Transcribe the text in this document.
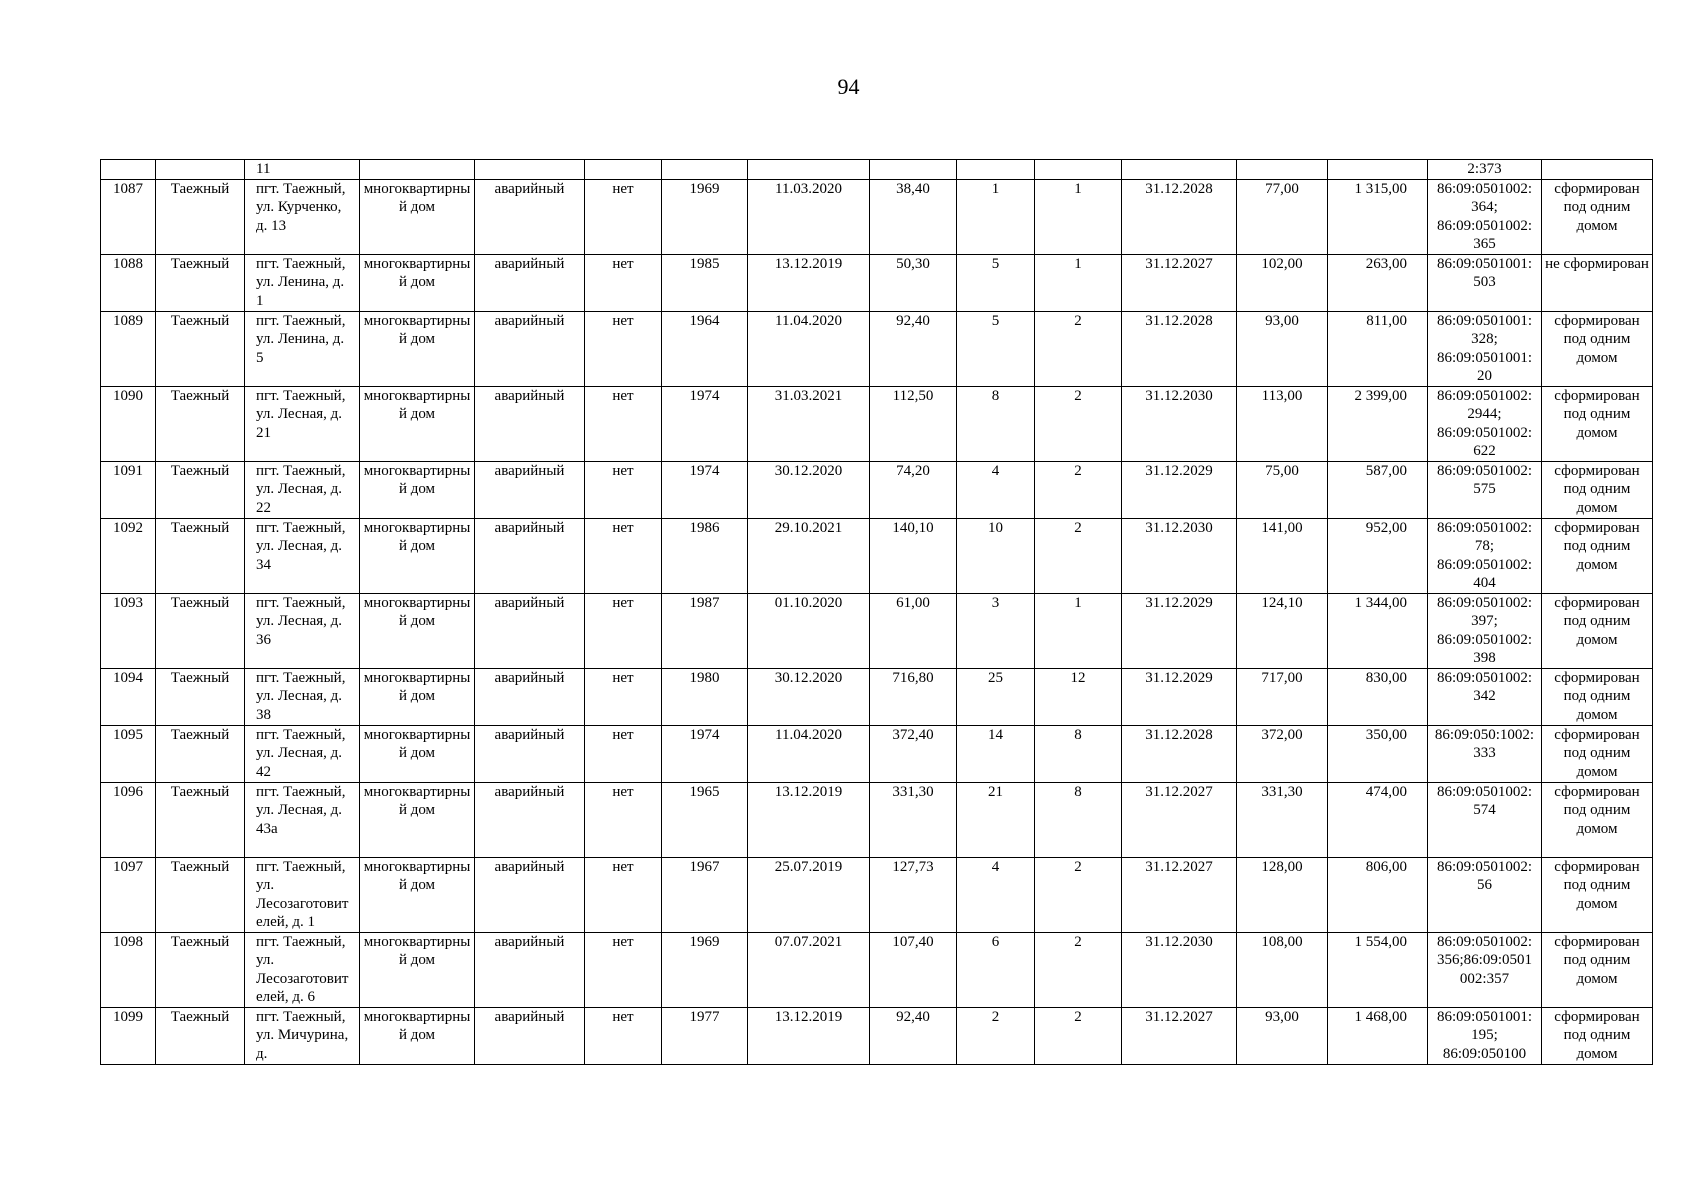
94
		11												2:373	
1087	Таежный	пгт. Таежный, ул. Курченко, д. 13	многоквартирный дом	аварийный	нет	1969	11.03.2020	38,40	1	1	31.12.2028	77,00	1 315,00	86:09:0501002:364; 86:09:0501002:365	сформирован под одним домом
1088	Таежный	пгт. Таежный, ул. Ленина, д. 1	многоквартирный дом	аварийный	нет	1985	13.12.2019	50,30	5	1	31.12.2027	102,00	263,00	86:09:0501001:503	не сформирован
1089	Таежный	пгт. Таежный, ул. Ленина, д. 5	многоквартирный дом	аварийный	нет	1964	11.04.2020	92,40	5	2	31.12.2028	93,00	811,00	86:09:0501001:328; 86:09:0501001:20	сформирован под одним домом
1090	Таежный	пгт. Таежный, ул. Лесная, д. 21	многоквартирный дом	аварийный	нет	1974	31.03.2021	112,50	8	2	31.12.2030	113,00	2 399,00	86:09:0501002:2944; 86:09:0501002:622	сформирован под одним домом
1091	Таежный	пгт. Таежный, ул. Лесная, д. 22	многоквартирный дом	аварийный	нет	1974	30.12.2020	74,20	4	2	31.12.2029	75,00	587,00	86:09:0501002:575	сформирован под одним домом
1092	Таежный	пгт. Таежный, ул. Лесная, д. 34	многоквартирный дом	аварийный	нет	1986	29.10.2021	140,10	10	2	31.12.2030	141,00	952,00	86:09:0501002:78; 86:09:0501002:404	сформирован под одним домом
1093	Таежный	пгт. Таежный, ул. Лесная, д. 36	многоквартирный дом	аварийный	нет	1987	01.10.2020	61,00	3	1	31.12.2029	124,10	1 344,00	86:09:0501002:397; 86:09:0501002:398	сформирован под одним домом
1094	Таежный	пгт. Таежный, ул. Лесная, д. 38	многоквартирный дом	аварийный	нет	1980	30.12.2020	716,80	25	12	31.12.2029	717,00	830,00	86:09:0501002:342	сформирован под одним домом
1095	Таежный	пгт. Таежный, ул. Лесная, д. 42	многоквартирный дом	аварийный	нет	1974	11.04.2020	372,40	14	8	31.12.2028	372,00	350,00	86:09:050:1002:333	сформирован под одним домом
1096	Таежный	пгт. Таежный, ул. Лесная, д. 43а	многоквартирный дом	аварийный	нет	1965	13.12.2019	331,30	21	8	31.12.2027	331,30	474,00	86:09:0501002:574	сформирован под одним домом
1097	Таежный	пгт. Таежный, ул. Лесозаготовителей, д. 1	многоквартирный дом	аварийный	нет	1967	25.07.2019	127,73	4	2	31.12.2027	128,00	806,00	86:09:0501002:56	сформирован под одним домом
1098	Таежный	пгт. Таежный, ул. Лесозаготовителей, д. 6	многоквартирный дом	аварийный	нет	1969	07.07.2021	107,40	6	2	31.12.2030	108,00	1 554,00	86:09:0501002:356;86:09:0501002:357	сформирован под одним домом
1099	Таежный	пгт. Таежный, ул. Мичурина, д.	многоквартирный дом	аварийный	нет	1977	13.12.2019	92,40	2	2	31.12.2027	93,00	1 468,00	86:09:0501001:195; 86:09:050100	сформирован под одним домом
